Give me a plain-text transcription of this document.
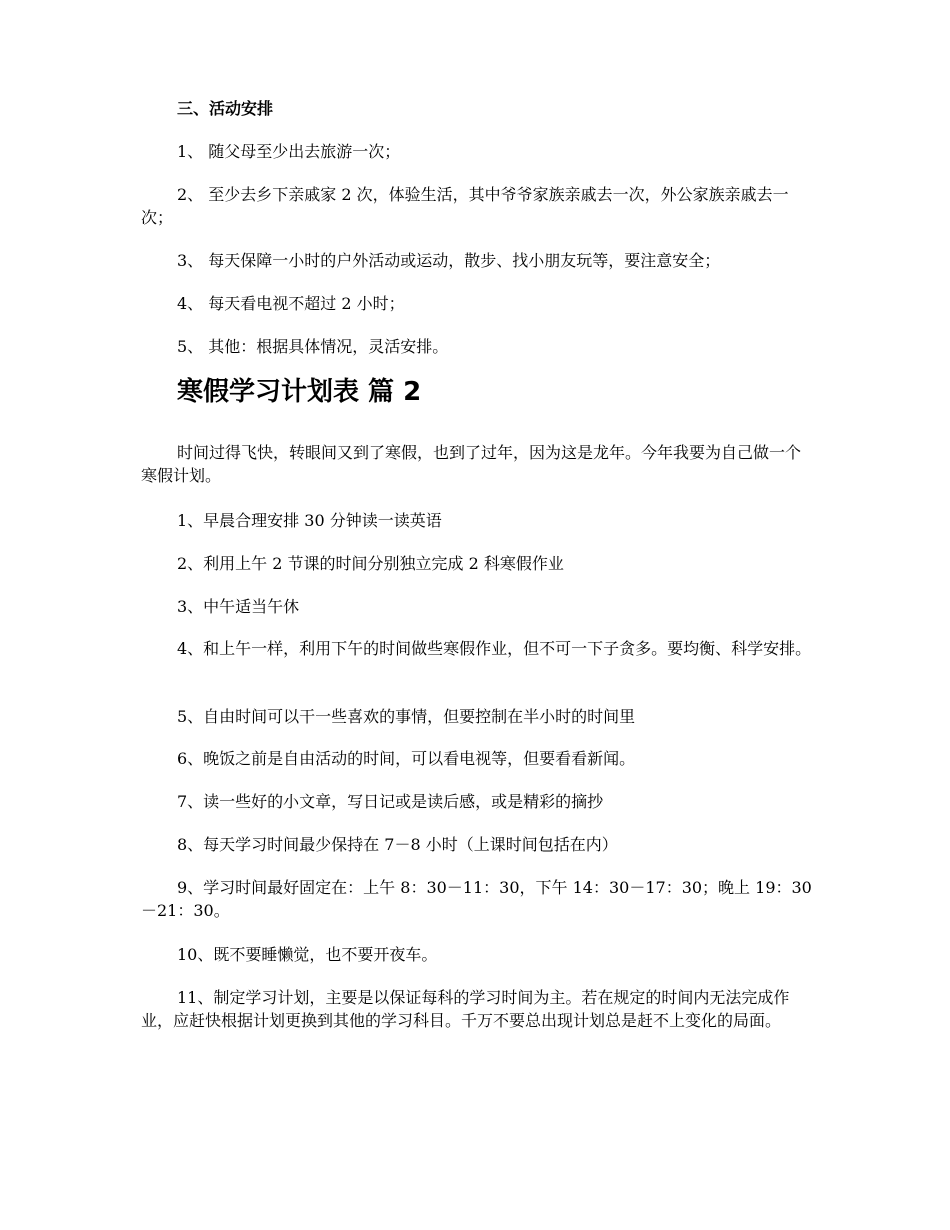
三、活动安排

1、 随父母至少出去旅游一次；

2、 至少去乡下亲戚家 2 次，体验生活，其中爷爷家族亲戚去一次，外公家族亲戚去一次；

3、 每天保障一小时的户外活动或运动，散步、找小朋友玩等，要注意安全；

4、 每天看电视不超过 2 小时；

5、 其他：根据具体情况，灵活安排。

寒假学习计划表 篇 2

时间过得飞快，转眼间又到了寒假，也到了过年，因为这是龙年。今年我要为自己做一个寒假计划。

1、早晨合理安排 30 分钟读一读英语

2、利用上午 2 节课的时间分别独立完成 2 科寒假作业

3、中午适当午休

4、和上午一样，利用下午的时间做些寒假作业，但不可一下子贪多。要均衡、科学安排。

5、自由时间可以干一些喜欢的事情，但要控制在半小时的时间里

6、晚饭之前是自由活动的时间，可以看电视等，但要看看新闻。

7、读一些好的小文章，写日记或是读后感，或是精彩的摘抄

8、每天学习时间最少保持在 7－8 小时（上课时间包括在内）

9、学习时间最好固定在：上午 8：30－11：30，下午 14：30－17：30；晚上 19：30－21：30。

10、既不要睡懒觉，也不要开夜车。

11、制定学习计划，主要是以保证每科的学习时间为主。若在规定的时间内无法完成作业，应赶快根据计划更换到其他的学习科目。千万不要总出现计划总是赶不上变化的局面。
